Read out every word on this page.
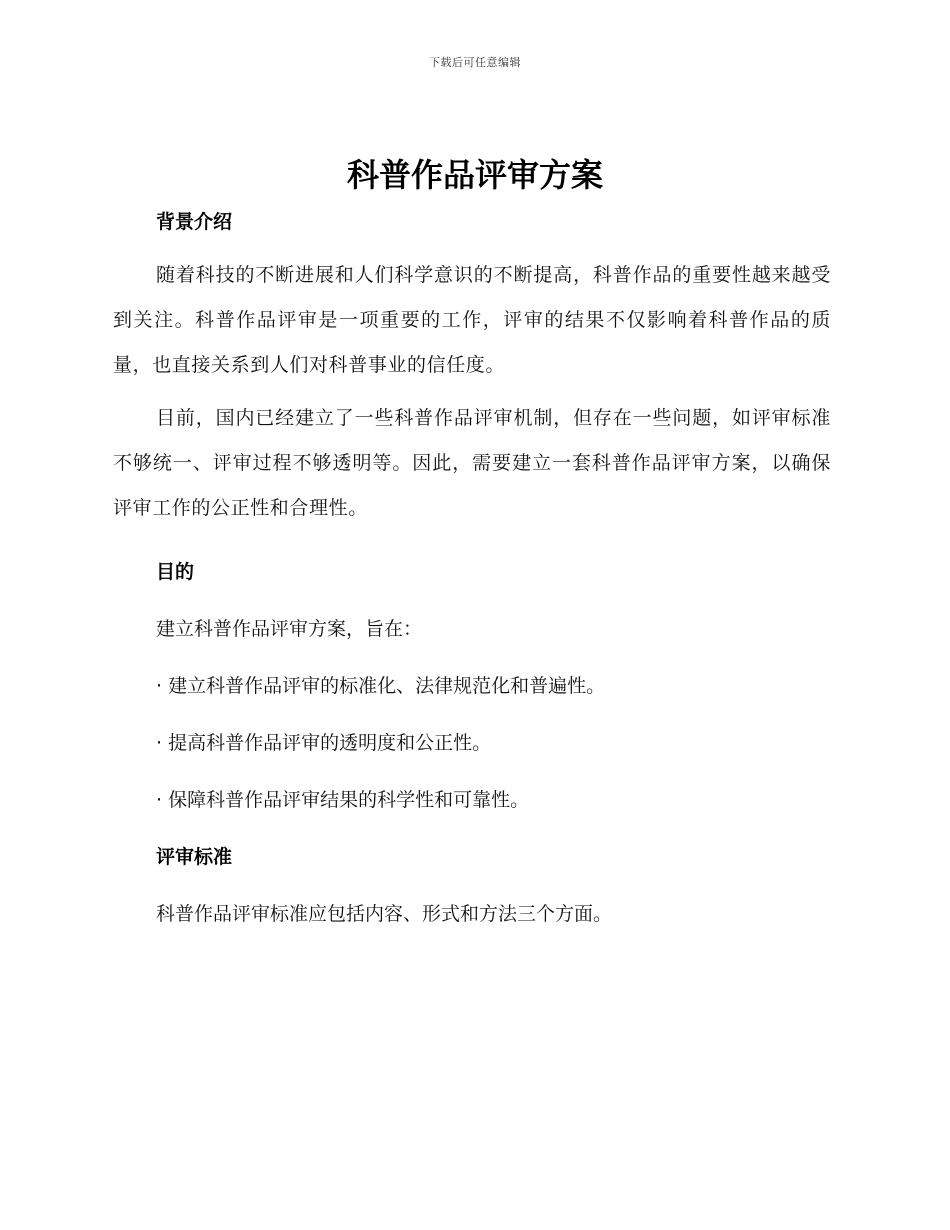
下载后可任意编辑
科普作品评审方案
背景介绍

随着科技的不断进展和人们科学意识的不断提高，科普作品的重要性越来越受到关注。科普作品评审是一项重要的工作，评审的结果不仅影响着科普作品的质量，也直接关系到人们对科普事业的信任度。

目前，国内已经建立了一些科普作品评审机制，但存在一些问题，如评审标准不够统一、评审过程不够透明等。因此，需要建立一套科普作品评审方案，以确保评审工作的公正性和合理性。

目的

建立科普作品评审方案，旨在：

· 建立科普作品评审的标准化、法律规范化和普遍性。

· 提高科普作品评审的透明度和公正性。

· 保障科普作品评审结果的科学性和可靠性。

评审标准

科普作品评审标准应包括内容、形式和方法三个方面。
